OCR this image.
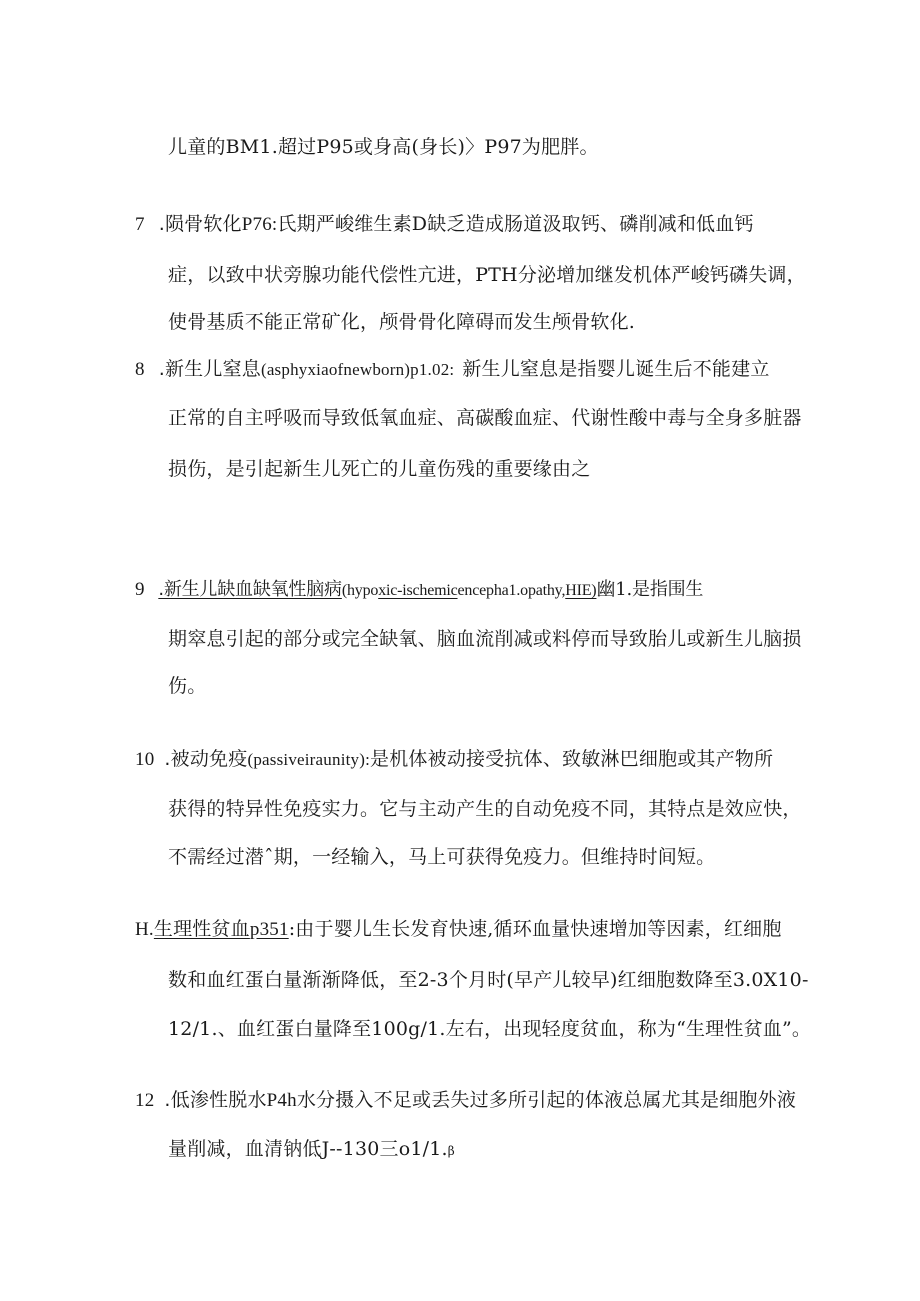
儿童的BM1.超过P95或身高(身长)〉P97为肥胖。
7 .陨骨软化P76:氏期严峻维生素D缺乏造成肠道汲取钙、磷削减和低血钙
症，以致中状旁腺功能代偿性亢进，PTH分泌增加继发机体严峻钙磷失调，
使骨基质不能正常矿化，颅骨骨化障碍而发生颅骨软化.
8 .新生儿窒息(asphyxiaofnewborn)p1.02: 新生儿窒息是指婴儿诞生后不能建立
正常的自主呼吸而导致低氧血症、高碳酸血症、代谢性酸中毒与全身多脏器
损伤，是引起新生儿死亡的儿童伤残的重要缘由之
9 .新生儿缺血缺氧性脑病(hypoxic-ischemicencepha1.opathy,HIE)幽1.是指围生
期窣息引起的部分或完全缺氧、脑血流削减或料停而导致胎儿或新生儿脑损
伤。
10 .被动免疫(passiveiraunity):是机体被动接受抗体、致敏淋巴细胞或其产物所
获得的特异性免疫实力。它与主动产生的自动免疫不同，其特点是效应快，
不需经过潜ˆ期，一经输入，马上可获得免疫力。但维持时间短。
H.生理性贫血p351:由于婴儿生长发育快速,循环血量快速增加等因素，红细胞
数和血红蛋白量渐渐降低，至2-3个月时(早产儿较早)红细胞数降至3.0X10-
12/1.、血红蛋白量降至100g/1.左右，出现轻度贫血，称为“生理性贫血”。
12 .低渗性脱水P4h水分摄入不足或丢失过多所引起的体液总属尤其是细胞外液
量削减，血清钠低J--130三o1∕1.β
